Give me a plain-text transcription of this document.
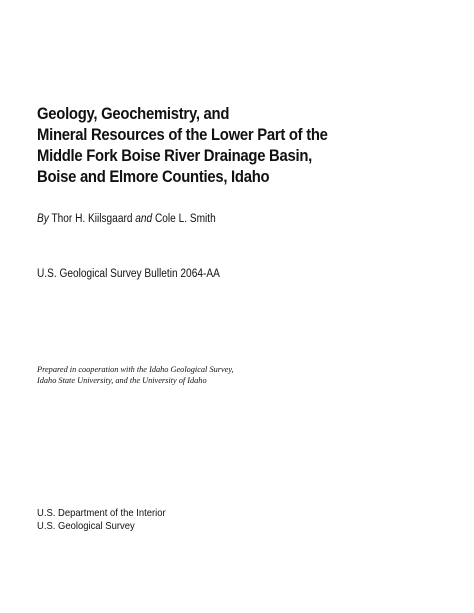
Geology, Geochemistry, and
Mineral Resources of the Lower Part of the
Middle Fork Boise River Drainage Basin,
Boise and Elmore Counties, Idaho
By Thor H. Kiilsgaard and Cole L. Smith
U.S. Geological Survey Bulletin 2064-AA
Prepared in cooperation with the Idaho Geological Survey,
Idaho State University, and the University of Idaho
U.S. Department of the Interior
U.S. Geological Survey
